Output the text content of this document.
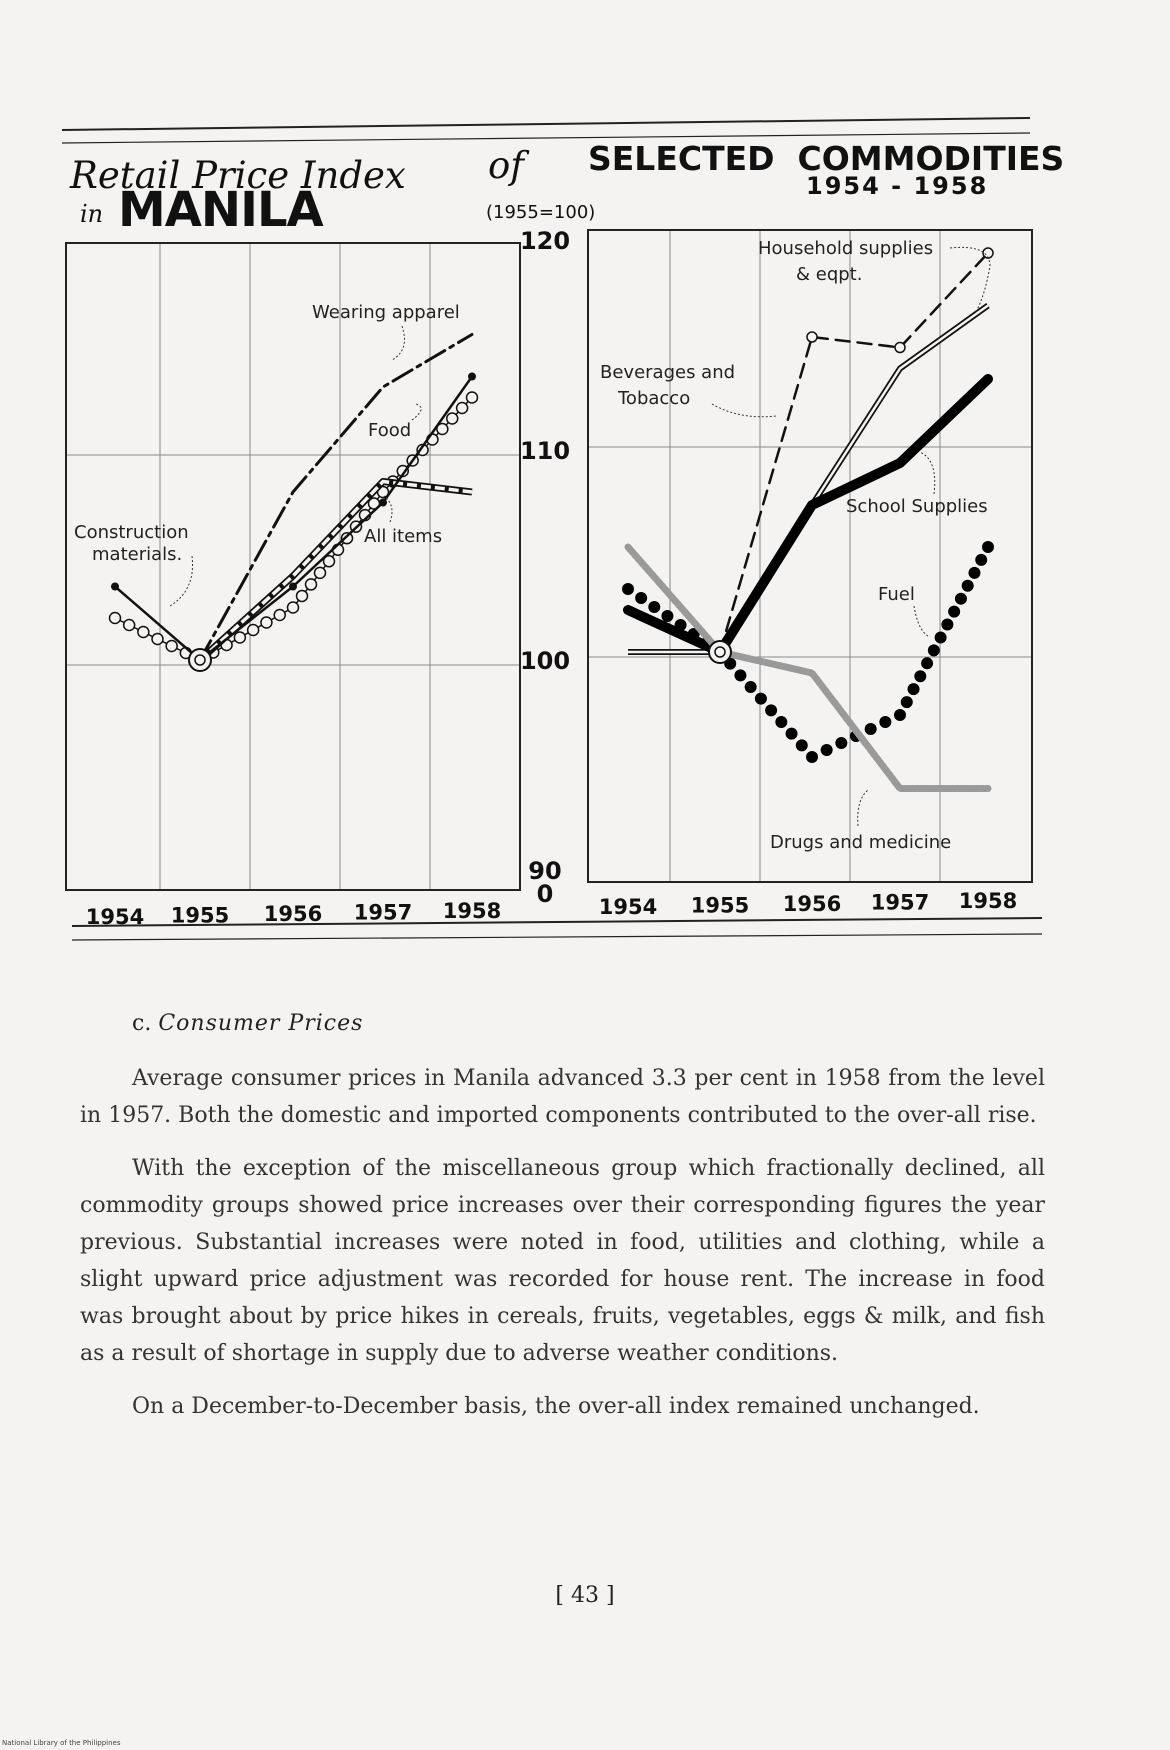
Retail Price Index of
in MANILA
SELECTED  COMMODITIES
1954 - 1958
(1955=100)
120
110
100
90
0
1954 1955 1956 1957 1958	1954 1955 1956 1957 1958
Wearing apparel
Food
All items
Construction
materials.
Household supplies
& eqpt.
Beverages and
Tobacco
School Supplies
Fuel
Drugs and medicine
c. Consumer Prices

Average consumer prices in Manila advanced 3.3 per cent in 1958 from the level in 1957. Both the domestic and imported components contributed to the over-all rise.

With the exception of the miscellaneous group which fractionally declined, all commodity groups showed price increases over their corresponding figures the year previous. Substantial increases were noted in food, utilities and clothing, while a slight upward price adjustment was recorded for house rent. The increase in food was brought about by price hikes in cereals, fruits, vegetables, eggs & milk, and fish as a result of shortage in supply due to adverse weather conditions.

On a December-to-December basis, the over-all index remained unchanged.

[ 43 ]
National Library of the Philippines
